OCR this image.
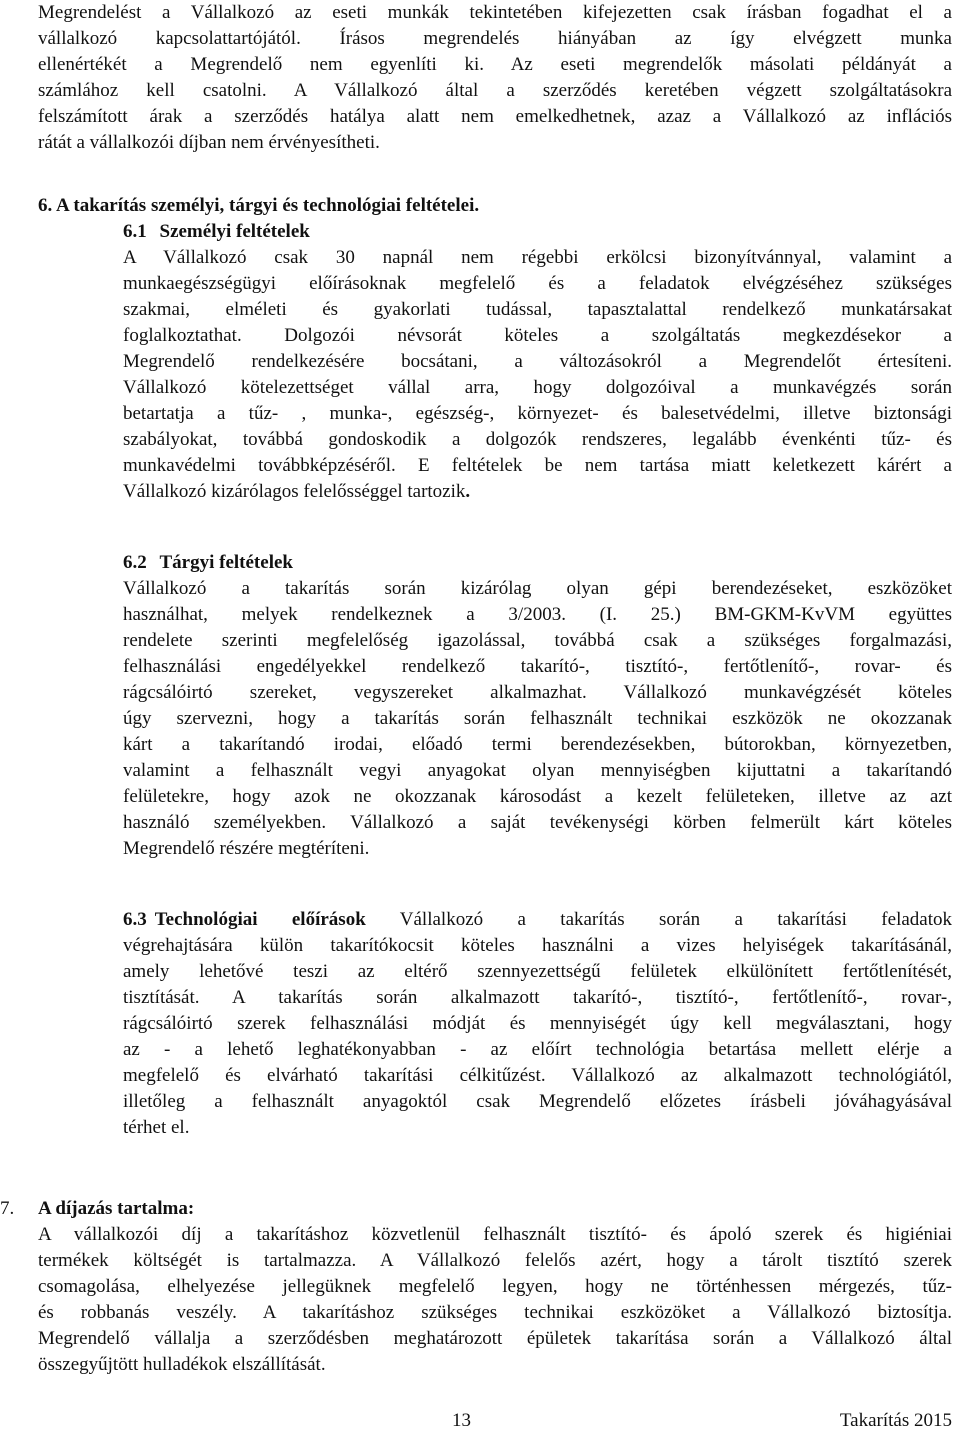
Megrendelést a Vállalkozó az eseti munkák tekintetében kifejezetten csak írásban fogadhat el a
vállalkozó kapcsolattartójától. Írásos megrendelés hiányában az így elvégzett munka
ellenértékét a Megrendelő nem egyenlíti ki. Az eseti megrendelők másolati példányát a
számlához kell csatolni. A Vállalkozó által a szerződés keretében végzett szolgáltatásokra
felszámított árak a szerződés hatálya alatt nem emelkedhetnek, azaz a Vállalkozó az inflációs
rátát a vállalkozói díjban nem érvényesítheti.
6. A takarítás személyi, tárgyi és technológiai feltételei.
6.1 Személyi feltételek
A Vállalkozó csak 30 napnál nem régebbi erkölcsi bizonyítvánnyal, valamint a
munkaegészségügyi előírásoknak megfelelő és a feladatok elvégzéséhez szükséges
szakmai, elméleti és gyakorlati tudással, tapasztalattal rendelkező munkatársakat
foglalkoztathat. Dolgozói névsorát köteles a szolgáltatás megkezdésekor a
Megrendelő rendelkezésére bocsátani, a változásokról a Megrendelőt értesíteni.
Vállalkozó kötelezettséget vállal arra, hogy dolgozóival a munkavégzés során
betartatja a tűz- , munka-, egészség-, környezet- és balesetvédelmi, illetve biztonsági
szabályokat, továbbá gondoskodik a dolgozók rendszeres, legalább évenkénti tűz- és
munkavédelmi továbbképzéséről. E feltételek be nem tartása miatt keletkezett kárért a
Vállalkozó kizárólagos felelősséggel tartozik.
6.2 Tárgyi feltételek
Vállalkozó a takarítás során kizárólag olyan gépi berendezéseket, eszközöket
használhat, melyek rendelkeznek a 3/2003. (I. 25.) BM-GKM-KvVM együttes
rendelete szerinti megfelelőség igazolással, továbbá csak a szükséges forgalmazási,
felhasználási engedélyekkel rendelkező takarító-, tisztító-, fertőtlenítő-, rovar- és
rágcsálóirtó szereket, vegyszereket alkalmazhat. Vállalkozó munkavégzését köteles
úgy szervezni, hogy a takarítás során felhasznált technikai eszközök ne okozzanak
kárt a takarítandó irodai, előadó termi berendezésekben, bútorokban, környezetben,
valamint a felhasznált vegyi anyagokat olyan mennyiségben kijuttatni a takarítandó
felületekre, hogy azok ne okozzanak károsodást a kezelt felületeken, illetve az azt
használó személyekben. Vállalkozó a saját tevékenységi körben felmerült kárt köteles
Megrendelő részére megtéríteni.
6.3 Technológiai előírások Vállalkozó a takarítás során a takarítási feladatok
végrehajtására külön takarítókocsit köteles használni a vizes helyiségek takarításánál,
amely lehetővé teszi az eltérő szennyezettségű felületek elkülönített fertőtlenítését,
tisztítását. A takarítás során alkalmazott takarító-, tisztító-, fertőtlenítő-, rovar-,
rágcsálóirtó szerek felhasználási módját és mennyiségét úgy kell megválasztani, hogy
az - a lehető leghatékonyabban - az előírt technológia betartása mellett elérje a
megfelelő és elvárható takarítási célkitűzést. Vállalkozó az alkalmazott technológiától,
illetőleg a felhasznált anyagoktól csak Megrendelő előzetes írásbeli jóváhagyásával
térhet el.
7. A díjazás tartalma:
A vállalkozói díj a takarításhoz közvetlenül felhasznált tisztító- és ápoló szerek és higiéniai
termékek költségét is tartalmazza. A Vállalkozó felelős azért, hogy a tárolt tisztító szerek
csomagolása, elhelyezése jellegüknek megfelelő legyen, hogy ne történhessen mérgezés, tűz-
és robbanás veszély. A takarításhoz szükséges technikai eszközöket a Vállalkozó biztosítja.
Megrendelő vállalja a szerződésben meghatározott épületek takarítása során a Vállalkozó által
összegyűjtött hulladékok elszállítását.
13	Takarítás 2015
